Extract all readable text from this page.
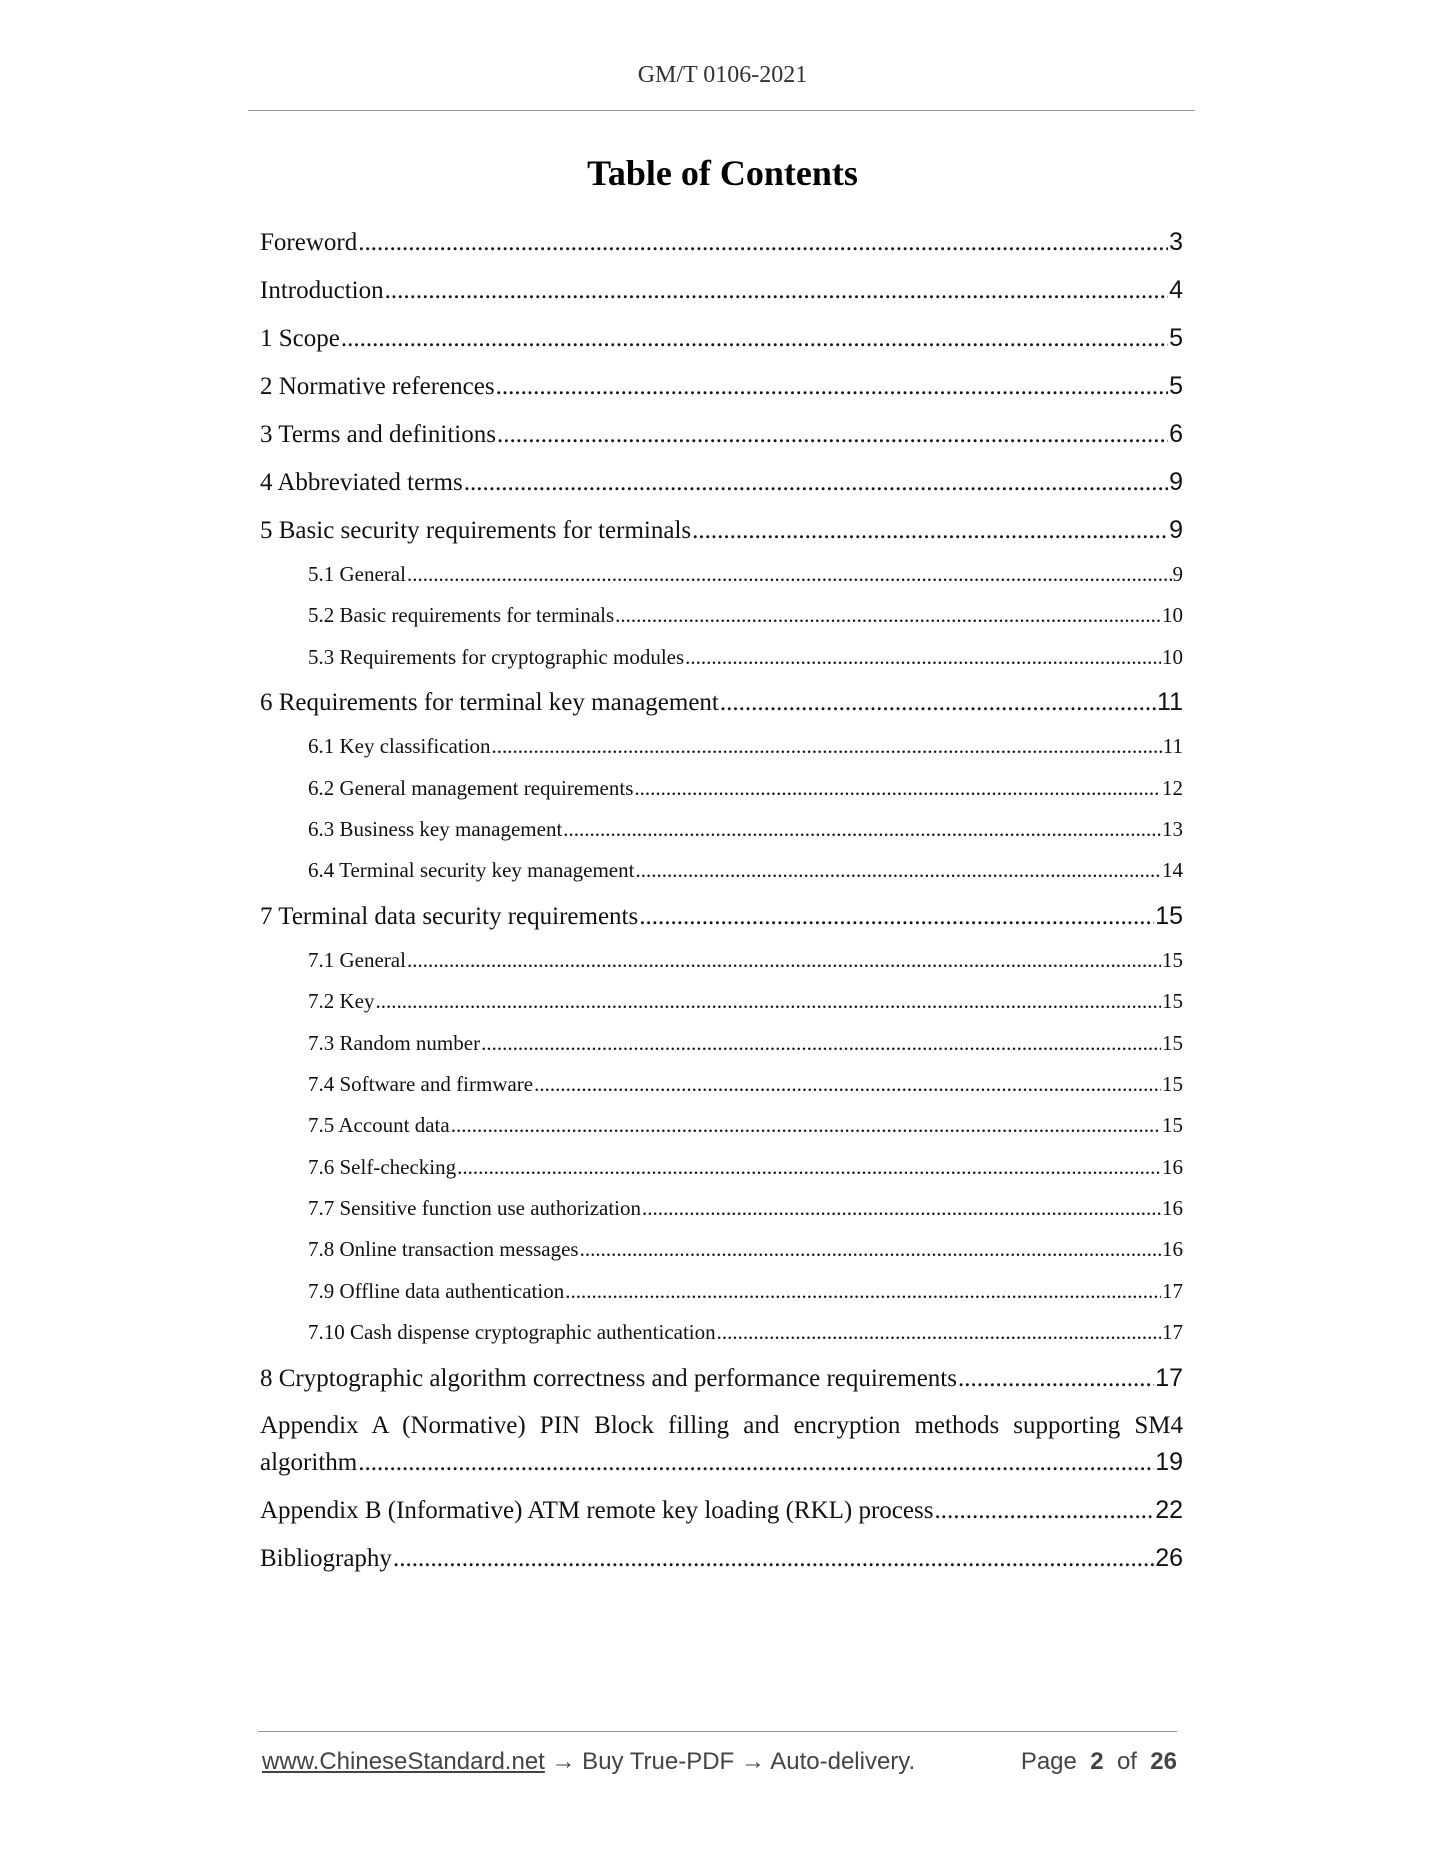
GM/T 0106-2021
Table of Contents
Foreword .....	3
Introduction .....	4
1 Scope .....	5
2 Normative references .....	5
3 Terms and definitions .....	6
4 Abbreviated terms .....	9
5 Basic security requirements for terminals .....	9
5.1 General .....	9
5.2 Basic requirements for terminals .....	10
5.3 Requirements for cryptographic modules .....	10
6 Requirements for terminal key management .....	11
6.1 Key classification .....	11
6.2 General management requirements .....	12
6.3 Business key management .....	13
6.4 Terminal security key management .....	14
7 Terminal data security requirements .....	15
7.1 General .....	15
7.2 Key .....	15
7.3 Random number .....	15
7.4 Software and firmware .....	15
7.5 Account data .....	15
7.6 Self-checking .....	16
7.7 Sensitive function use authorization .....	16
7.8 Online transaction messages .....	16
7.9 Offline data authentication .....	17
7.10 Cash dispense cryptographic authentication .....	17
8 Cryptographic algorithm correctness and performance requirements .....	17
Appendix A (Normative) PIN Block filling and encryption methods supporting SM4
algorithm .....	19
Appendix B (Informative) ATM remote key loading (RKL) process .....	22
Bibliography .....	26
www.ChineseStandard.net → Buy True-PDF → Auto-delivery.	Page 2 of 26
